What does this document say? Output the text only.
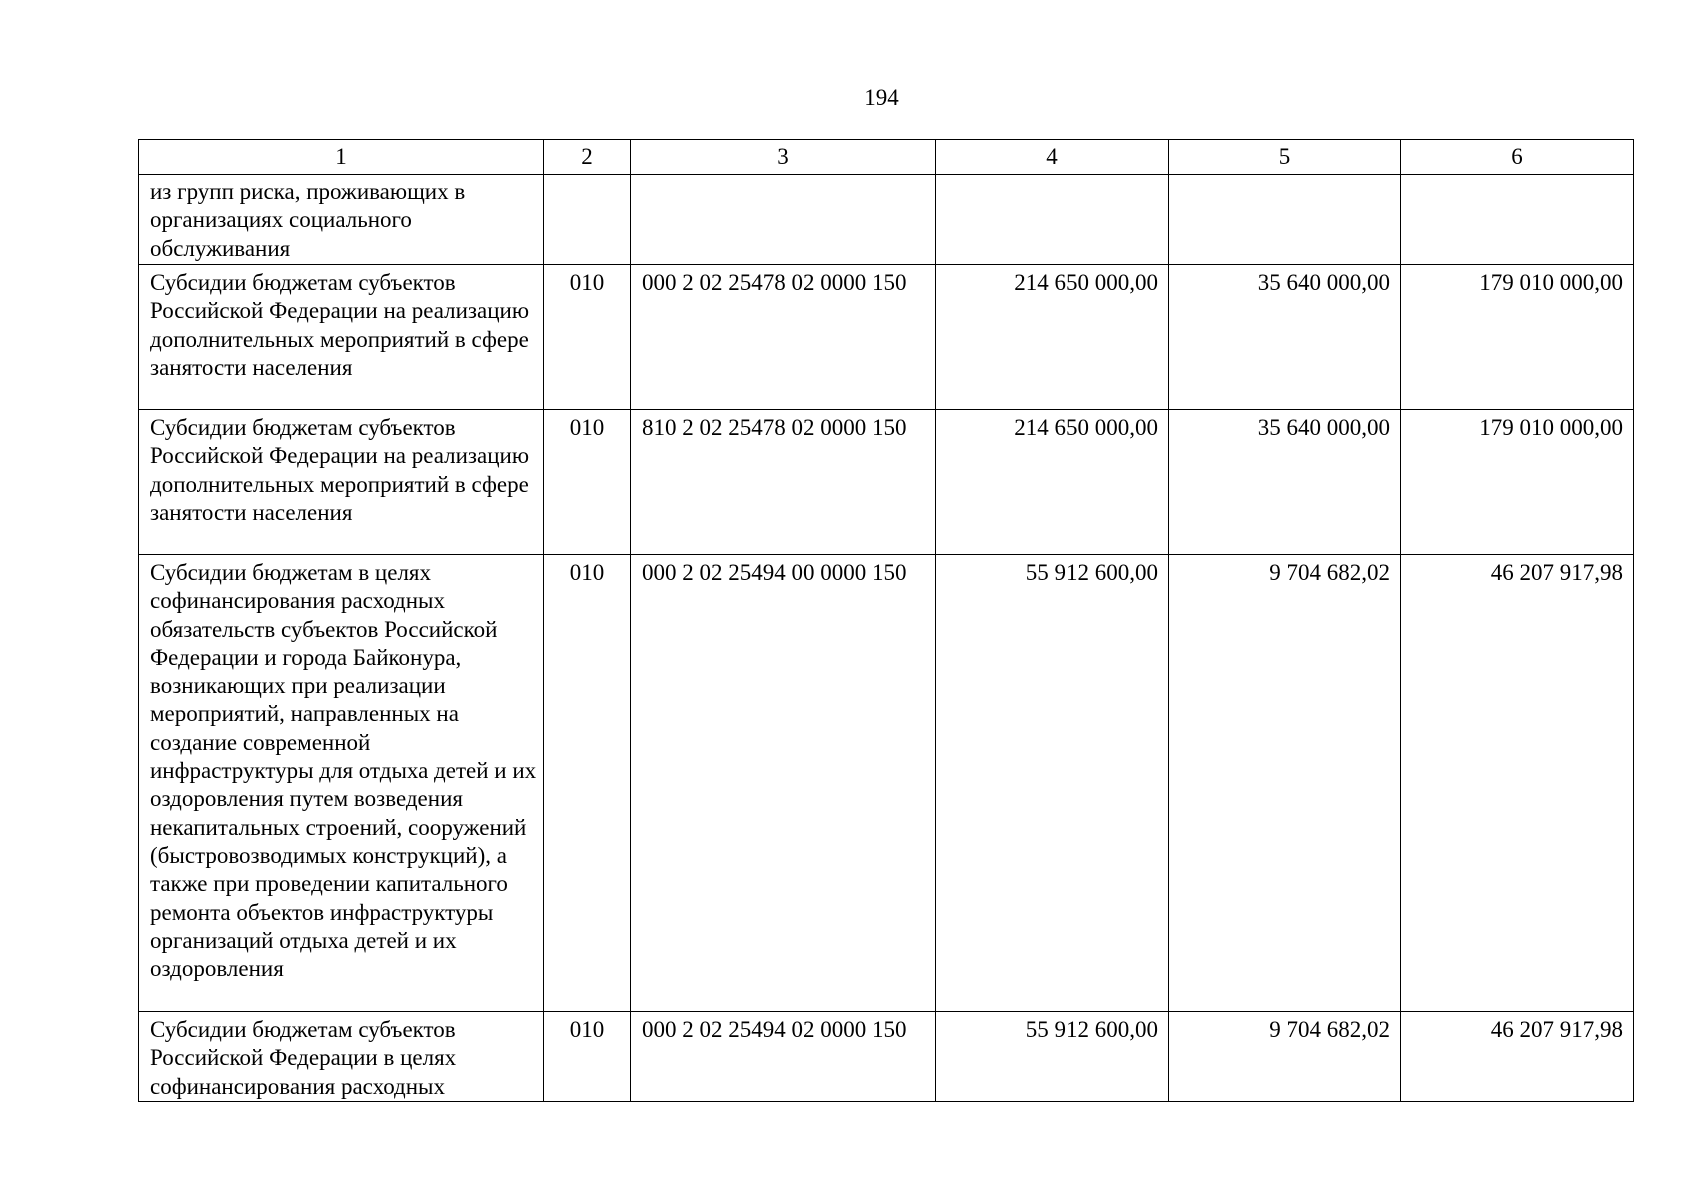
194
1	2	3	4	5	6
из групп риска, проживающих в организациях социального обслуживания					
Субсидии бюджетам субъектов Российской Федерации на реализацию дополнительных мероприятий в сфере занятости населения	010	000 2 02 25478 02 0000 150	214 650 000,00	35 640 000,00	179 010 000,00
Субсидии бюджетам субъектов Российской Федерации на реализацию дополнительных мероприятий в сфере занятости населения	010	810 2 02 25478 02 0000 150	214 650 000,00	35 640 000,00	179 010 000,00
Субсидии бюджетам в целях софинансирования расходных обязательств субъектов Российской Федерации и города Байконура, возникающих при реализации мероприятий, направленных на создание современной инфраструктуры для отдыха детей и их оздоровления путем возведения некапитальных строений, сооружений (быстровозводимых конструкций), а также при проведении капитального ремонта объектов инфраструктуры организаций отдыха детей и их оздоровления	010	000 2 02 25494 00 0000 150	55 912 600,00	9 704 682,02	46 207 917,98
Субсидии бюджетам субъектов Российской Федерации в целях софинансирования расходных	010	000 2 02 25494 02 0000 150	55 912 600,00	9 704 682,02	46 207 917,98
